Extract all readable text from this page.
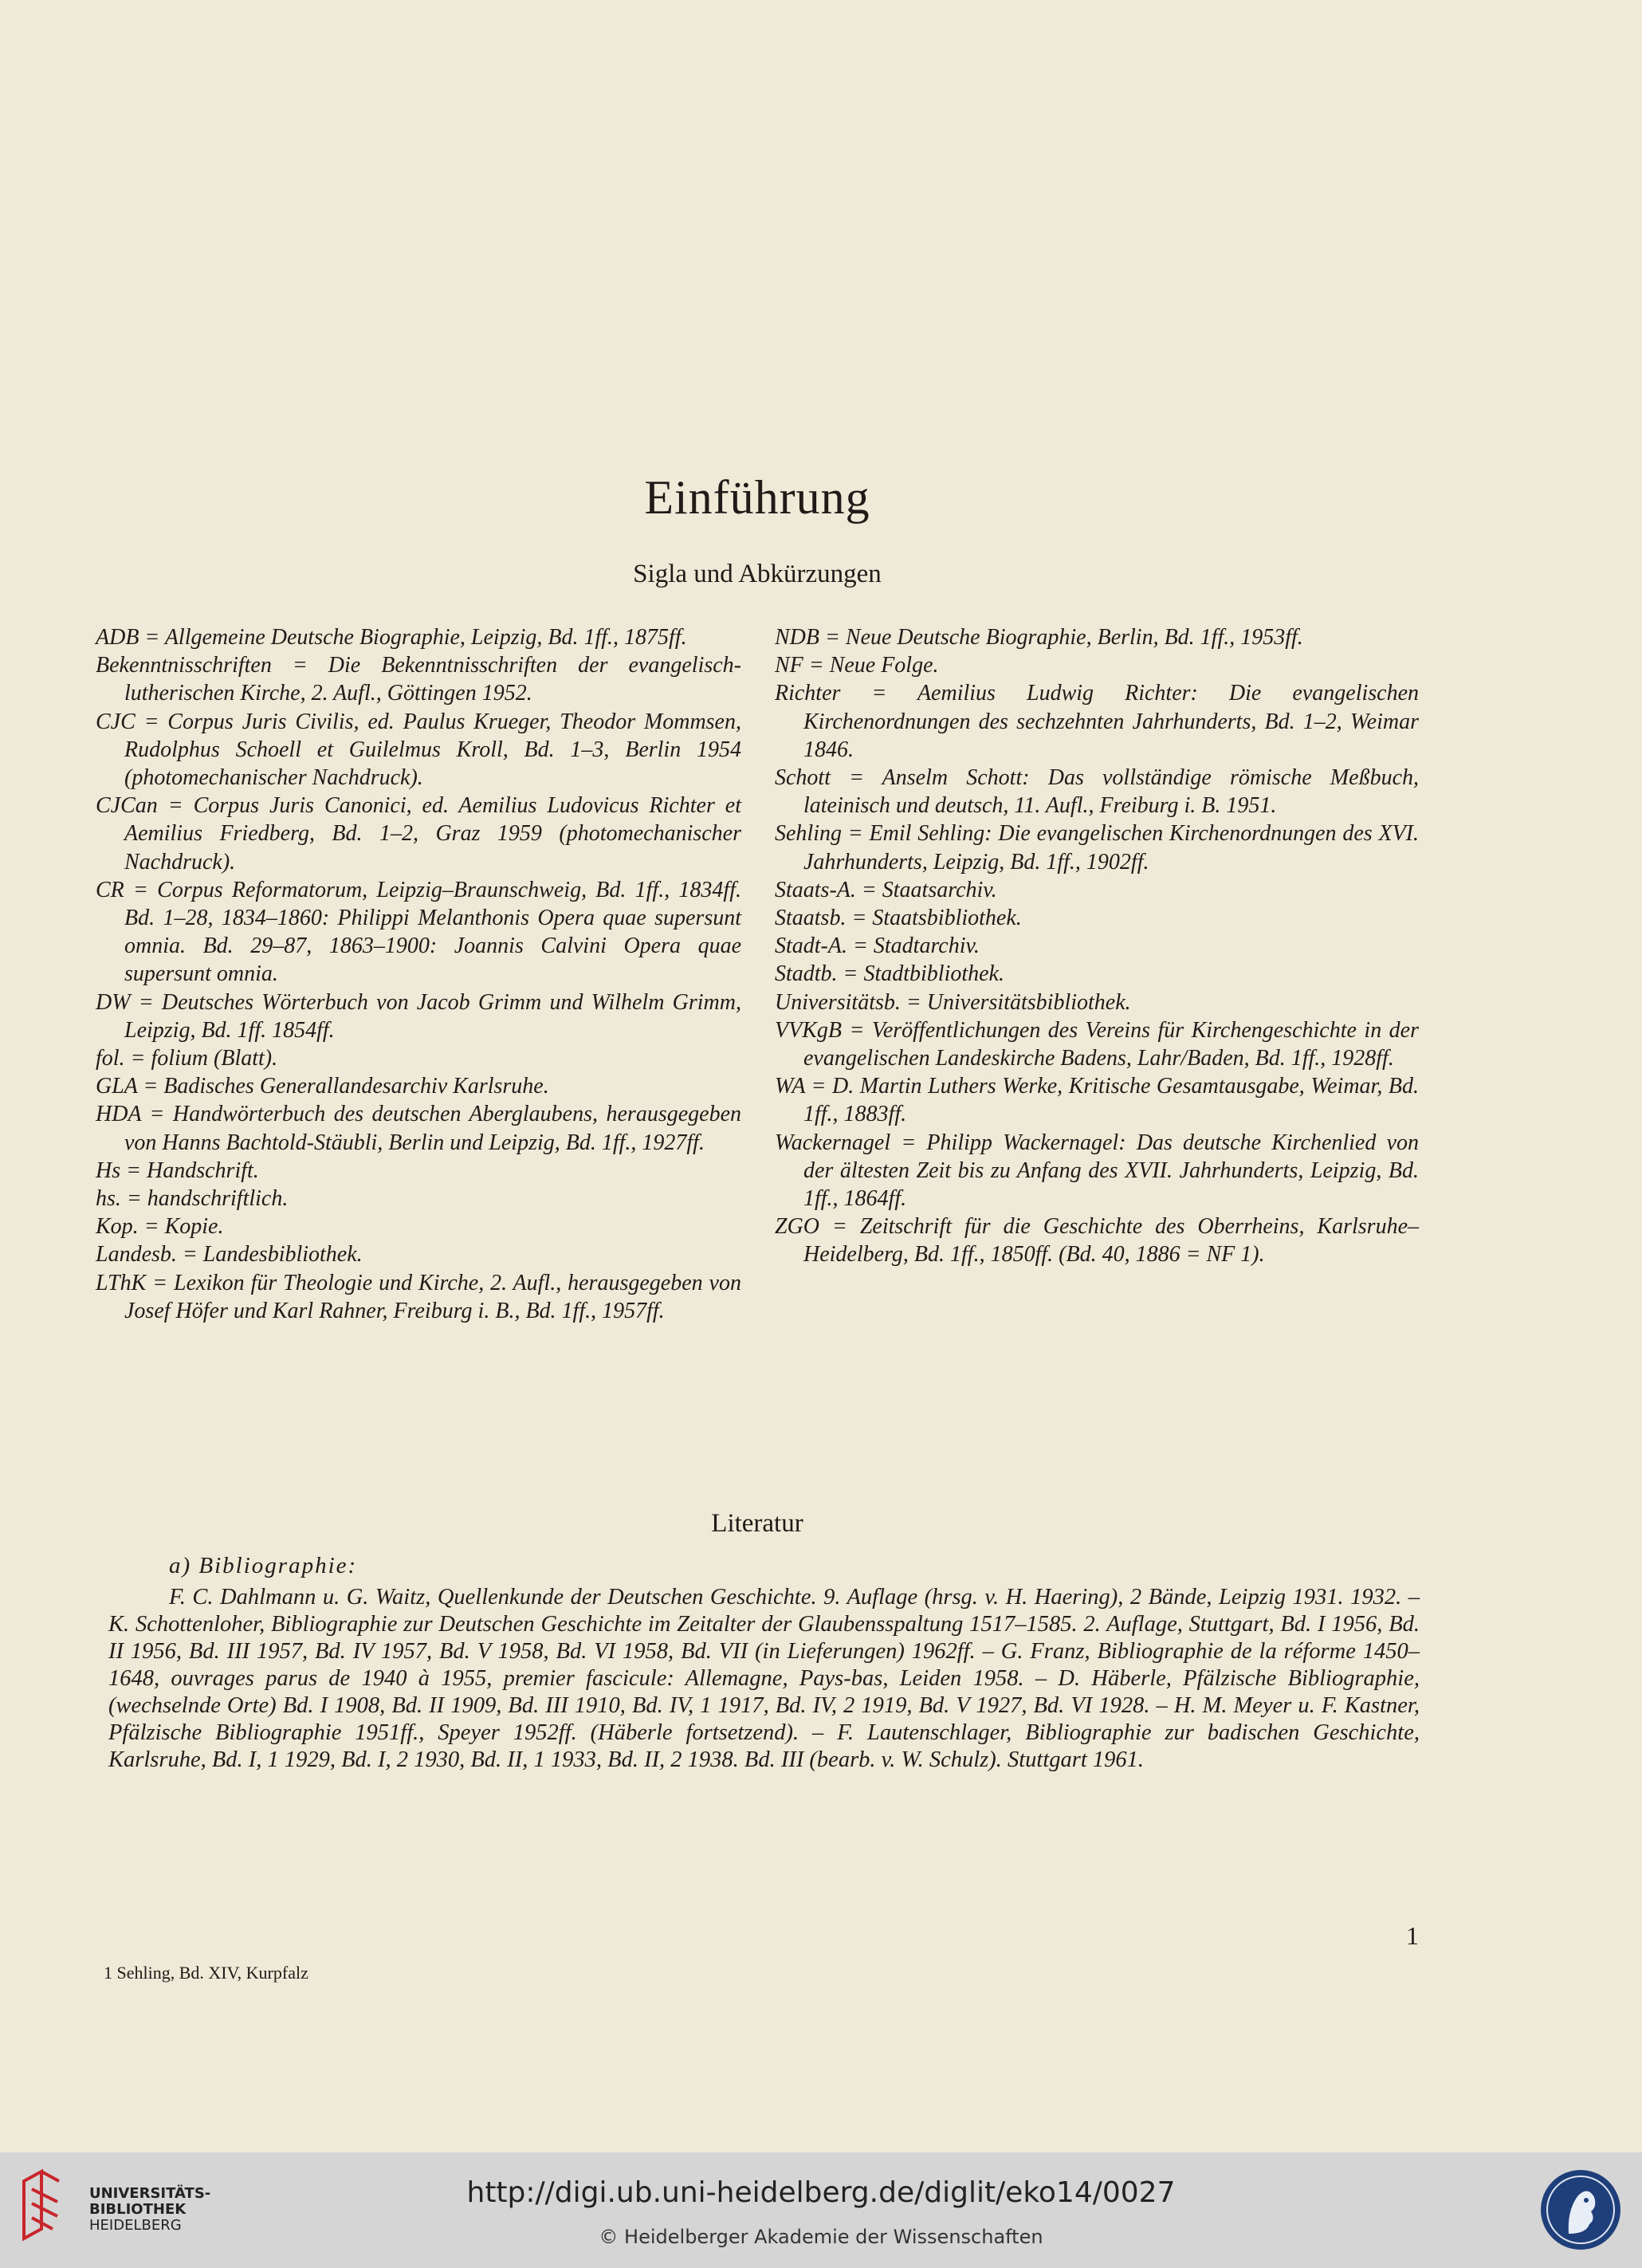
Einführung
Sigla und Abkürzungen

ADB = Allgemeine Deutsche Biographie, Leipzig, Bd. 1ff., 1875ff.

Bekenntnisschriften = Die Bekenntnisschriften der evangelisch-lutherischen Kirche, 2. Aufl., Göttingen 1952.

CJC = Corpus Juris Civilis, ed. Paulus Krueger, Theodor Mommsen, Rudolphus Schoell et Guilelmus Kroll, Bd. 1–3, Berlin 1954 (photomechanischer Nachdruck).

CJCan = Corpus Juris Canonici, ed. Aemilius Ludovicus Richter et Aemilius Friedberg, Bd. 1–2, Graz 1959 (photomechanischer Nachdruck).

CR = Corpus Reformatorum, Leipzig–Braunschweig, Bd. 1ff., 1834ff. Bd. 1–28, 1834–1860: Philippi Melanthonis Opera quae supersunt omnia. Bd. 29–87, 1863–1900: Joannis Calvini Opera quae supersunt omnia.

DW = Deutsches Wörterbuch von Jacob Grimm und Wilhelm Grimm, Leipzig, Bd. 1ff. 1854ff.

fol. = folium (Blatt).

GLA = Badisches Generallandesarchiv Karlsruhe.

HDA = Handwörterbuch des deutschen Aberglaubens, herausgegeben von Hanns Bachtold-Stäubli, Berlin und Leipzig, Bd. 1ff., 1927ff.

Hs = Handschrift.

hs. = handschriftlich.

Kop. = Kopie.

Landesb. = Landesbibliothek.

LThK = Lexikon für Theologie und Kirche, 2. Aufl., herausgegeben von Josef Höfer und Karl Rahner, Freiburg i. B., Bd. 1ff., 1957ff.

NDB = Neue Deutsche Biographie, Berlin, Bd. 1ff., 1953ff.

NF = Neue Folge.

Richter = Aemilius Ludwig Richter: Die evangelischen Kirchenordnungen des sechzehnten Jahrhunderts, Bd. 1–2, Weimar 1846.

Schott = Anselm Schott: Das vollständige römische Meßbuch, lateinisch und deutsch, 11. Aufl., Freiburg i. B. 1951.

Sehling = Emil Sehling: Die evangelischen Kirchenordnungen des XVI. Jahrhunderts, Leipzig, Bd. 1ff., 1902ff.

Staats-A. = Staatsarchiv.

Staatsb. = Staatsbibliothek.

Stadt-A. = Stadtarchiv.

Stadtb. = Stadtbibliothek.

Universitätsb. = Universitätsbibliothek.

VVKgB = Veröffentlichungen des Vereins für Kirchengeschichte in der evangelischen Landeskirche Badens, Lahr/Baden, Bd. 1ff., 1928ff.

WA = D. Martin Luthers Werke, Kritische Gesamtausgabe, Weimar, Bd. 1ff., 1883ff.

Wackernagel = Philipp Wackernagel: Das deutsche Kirchenlied von der ältesten Zeit bis zu Anfang des XVII. Jahrhunderts, Leipzig, Bd. 1ff., 1864ff.

ZGO = Zeitschrift für die Geschichte des Oberrheins, Karlsruhe–Heidelberg, Bd. 1ff., 1850ff. (Bd. 40, 1886 = NF 1).

Literatur
a) Bibliographie:

F. C. Dahlmann u. G. Waitz, Quellenkunde der Deutschen Geschichte. 9. Auflage (hrsg. v. H. Haering), 2 Bände, Leipzig 1931. 1932. – K. Schottenloher, Bibliographie zur Deutschen Geschichte im Zeitalter der Glaubensspaltung 1517–1585. 2. Auflage, Stuttgart, Bd. I 1956, Bd. II 1956, Bd. III 1957, Bd. IV 1957, Bd. V 1958, Bd. VI 1958, Bd. VII (in Lieferungen) 1962ff. – G. Franz, Bibliographie de la réforme 1450–1648, ouvrages parus de 1940 à 1955, premier fascicule: Allemagne, Pays-bas, Leiden 1958. – D. Häberle, Pfälzische Bibliographie, (wechselnde Orte) Bd. I 1908, Bd. II 1909, Bd. III 1910, Bd. IV, 1 1917, Bd. IV, 2 1919, Bd. V 1927, Bd. VI 1928. – H. M. Meyer u. F. Kastner, Pfälzische Bibliographie 1951ff., Speyer 1952ff. (Häberle fortsetzend). – F. Lautenschlager, Bibliographie zur badischen Geschichte, Karlsruhe, Bd. I, 1 1929, Bd. I, 2 1930, Bd. II, 1 1933, Bd. II, 2 1938. Bd. III (bearb. v. W. Schulz). Stuttgart 1961.

1
1 Sehling, Bd. XIV, Kurpfalz
UNIVERSITÄTS-
BIBLIOTHEK
HEIDELBERG
http://digi.ub.uni-heidelberg.de/diglit/eko14/0027
© Heidelberger Akademie der Wissenschaften
